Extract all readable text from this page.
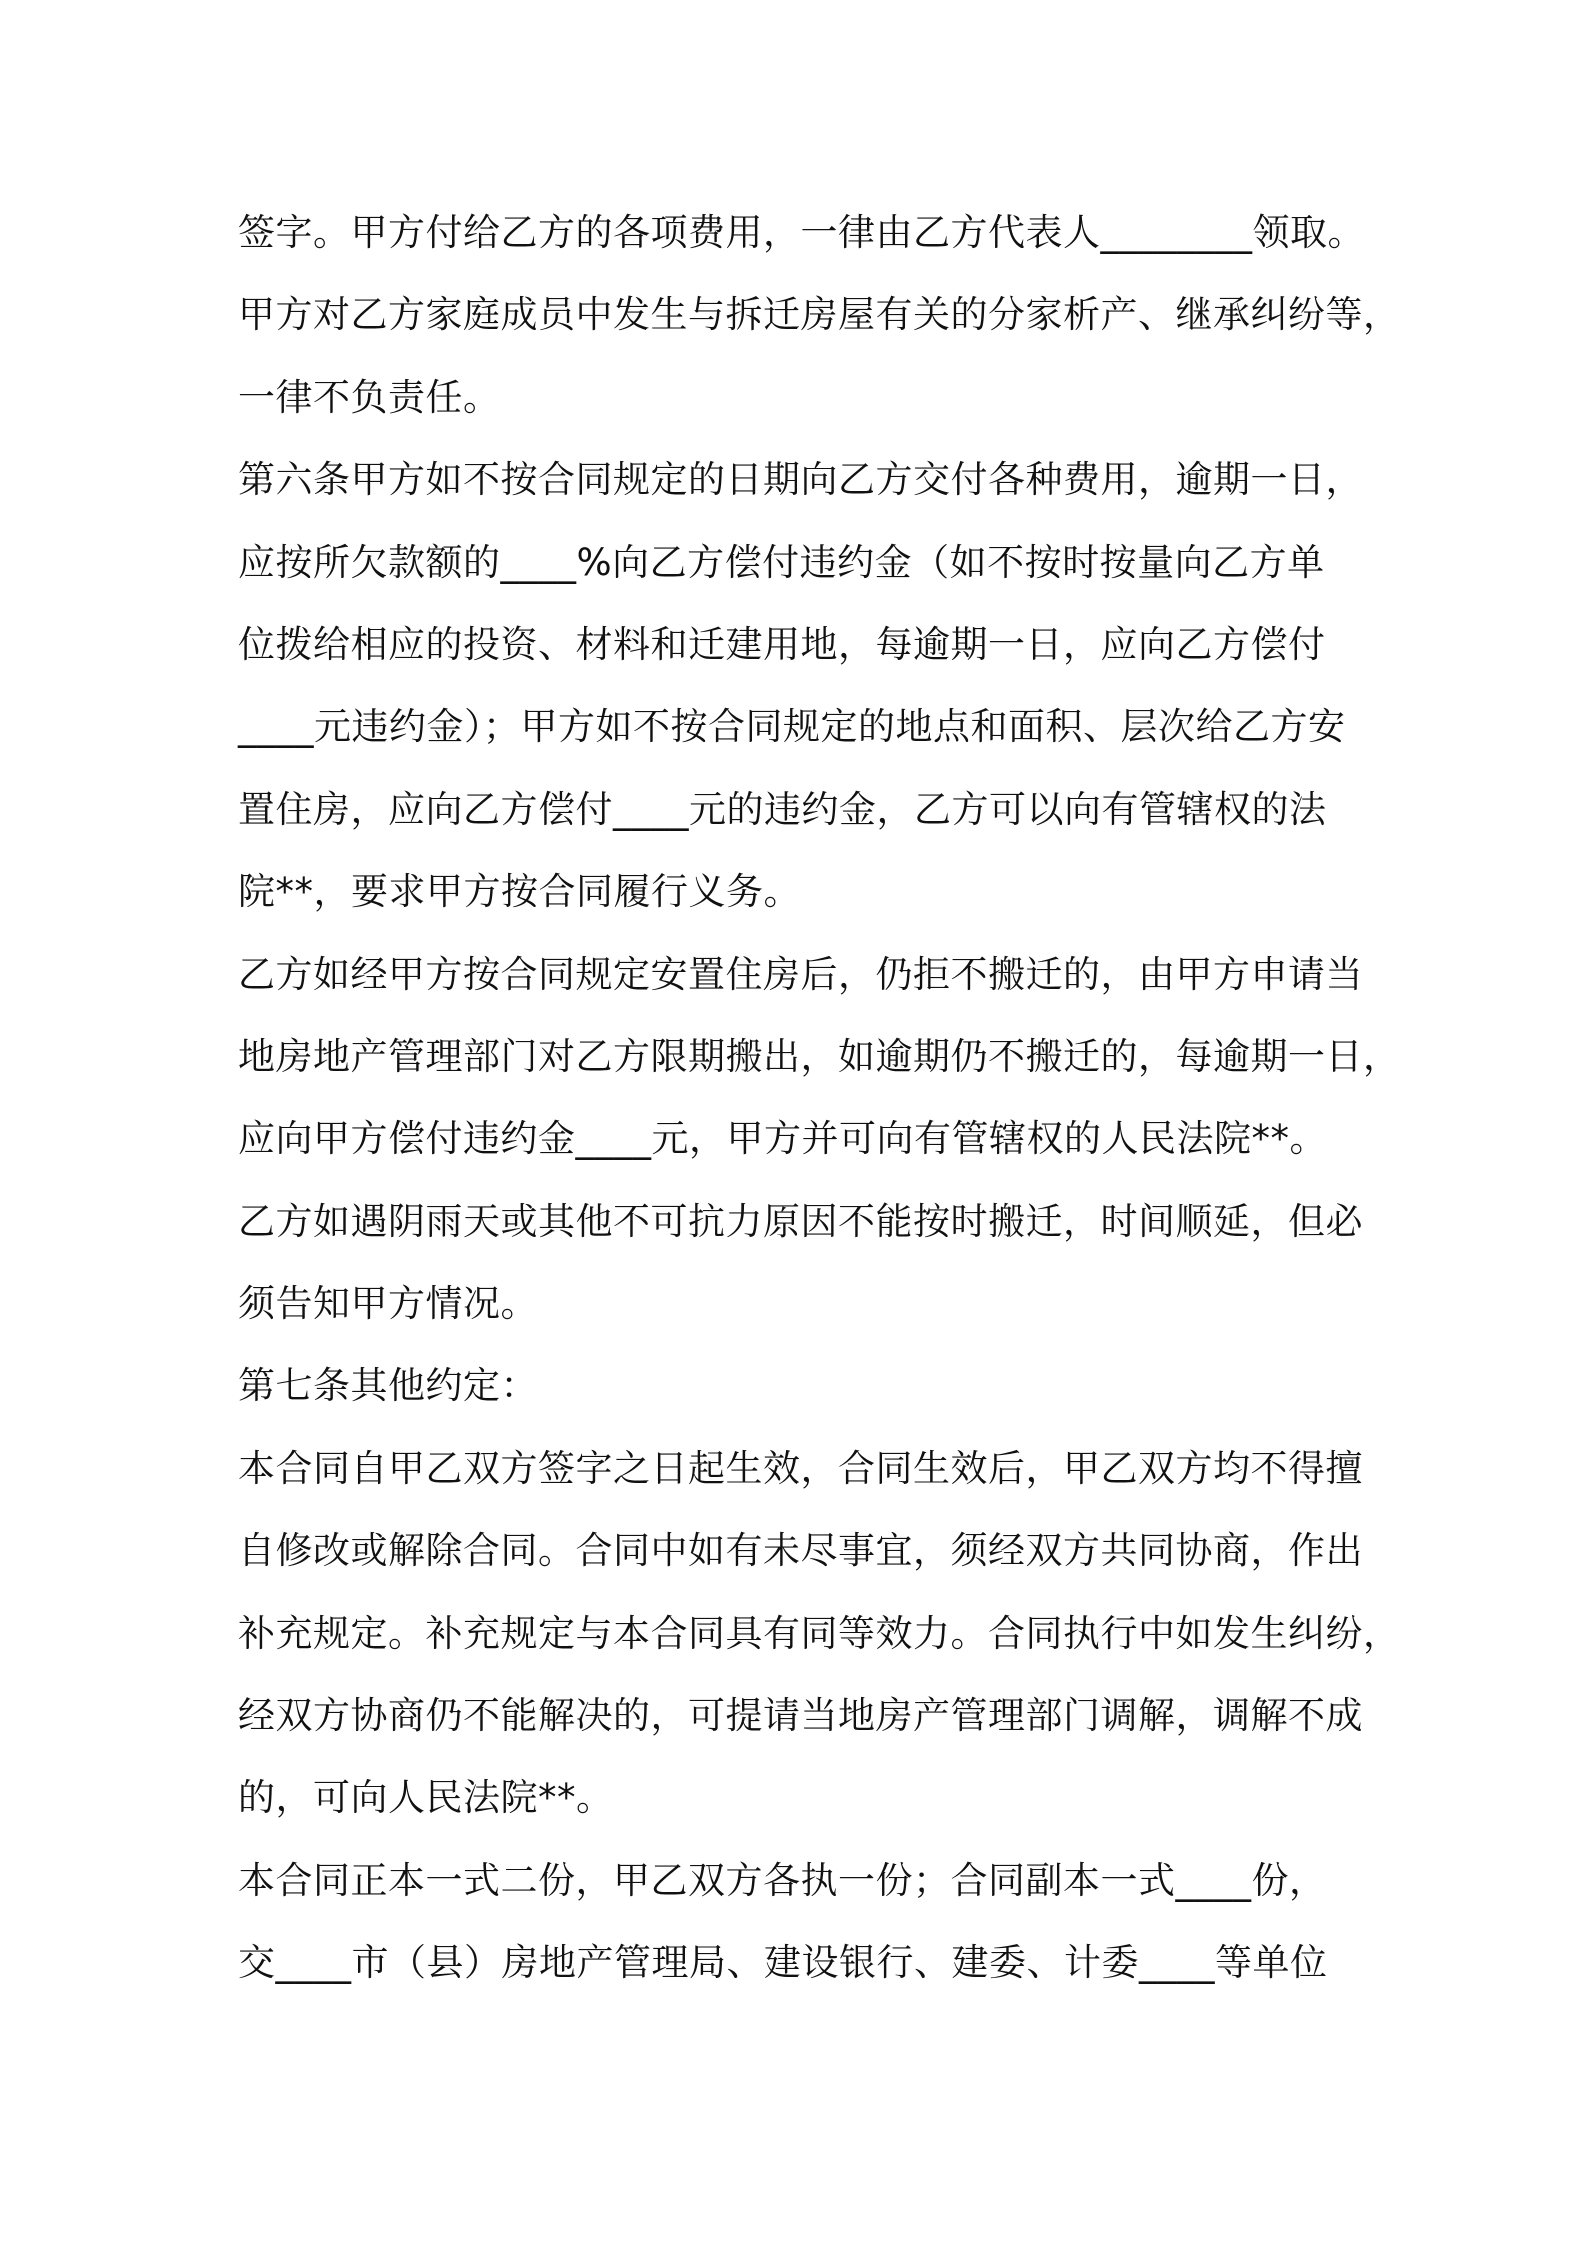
签字。甲方付给乙方的各项费用，一律由乙方代表人________领取。
甲方对乙方家庭成员中发生与拆迁房屋有关的分家析产、继承纠纷等，
一律不负责任。
第六条甲方如不按合同规定的日期向乙方交付各种费用，逾期一日，
应按所欠款额的____%向乙方偿付违约金（如不按时按量向乙方单
位拨给相应的投资、材料和迁建用地，每逾期一日，应向乙方偿付
____元违约金）；甲方如不按合同规定的地点和面积、层次给乙方安
置住房，应向乙方偿付____元的违约金，乙方可以向有管辖权的法
院**，要求甲方按合同履行义务。
乙方如经甲方按合同规定安置住房后，仍拒不搬迁的，由甲方申请当
地房地产管理部门对乙方限期搬出，如逾期仍不搬迁的，每逾期一日，
应向甲方偿付违约金____元，甲方并可向有管辖权的人民法院**。
乙方如遇阴雨天或其他不可抗力原因不能按时搬迁，时间顺延，但必
须告知甲方情况。
第七条其他约定：
本合同自甲乙双方签字之日起生效，合同生效后，甲乙双方均不得擅
自修改或解除合同。合同中如有未尽事宜，须经双方共同协商，作出
补充规定。补充规定与本合同具有同等效力。合同执行中如发生纠纷，
经双方协商仍不能解决的，可提请当地房产管理部门调解，调解不成
的，可向人民法院**。
本合同正本一式二份，甲乙双方各执一份；合同副本一式____份，
交____市（县）房地产管理局、建设银行、建委、计委____等单位
